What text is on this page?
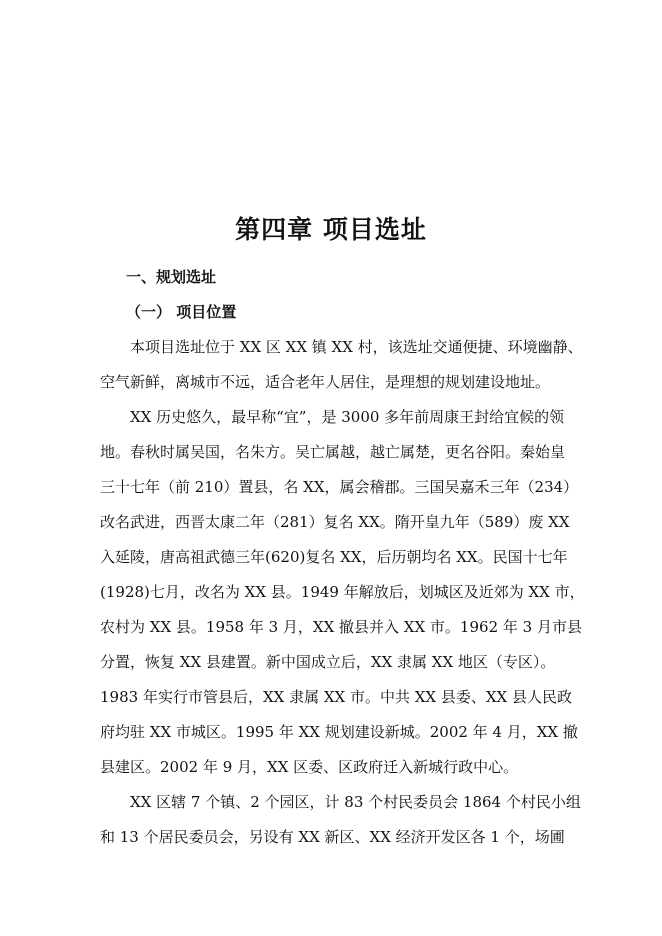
第四章 项目选址
一、规划选址
（一） 项目位置
本项目选址位于 XX 区 XX 镇 XX 村，该选址交通便捷、环境幽静、
空气新鲜，离城市不远，适合老年人居住，是理想的规划建设地址。
XX 历史悠久，最早称“宜”，是 3000 多年前周康王封给宜候的领
地。春秋时属吴国，名朱方。吴亡属越，越亡属楚，更名谷阳。秦始皇
三十七年（前 210）置县，名 XX，属会稽郡。三国吴嘉禾三年（234）
改名武进，西晋太康二年（281）复名 XX。隋开皇九年（589）废 XX
入延陵，唐高祖武德三年(620)复名 XX，后历朝均名 XX。民国十七年
(1928)七月，改名为 XX 县。1949 年解放后，划城区及近郊为 XX 市，
农村为 XX 县。1958 年 3 月，XX 撤县并入 XX 市。1962 年 3 月市县
分置，恢复 XX 县建置。新中国成立后，XX 隶属 XX 地区（专区）。
1983 年实行市管县后，XX 隶属 XX 市。中共 XX 县委、XX 县人民政
府均驻 XX 市城区。1995 年 XX 规划建设新城。2002 年 4 月，XX 撤
县建区。2002 年 9 月，XX 区委、区政府迁入新城行政中心。
XX 区辖 7 个镇、2 个园区，计 83 个村民委员会 1864 个村民小组
和 13 个居民委员会，另设有 XX 新区、XX 经济开发区各 1 个，场圃
